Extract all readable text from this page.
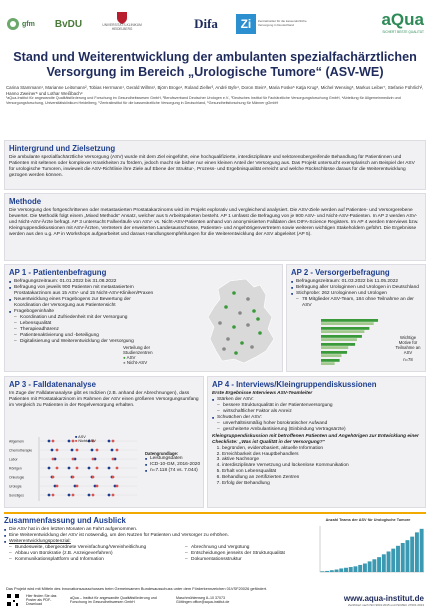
gfm BvDU	UNIVERSITÄTS-KLINIKUM HEIDELBERG	Difa Zi Zentralinstitut für die kassenärztliche Versorgung in Deutschland	aQua
SICHERT BESTE QUALITÄT
Stand und Weiterentwicklung der ambulanten spezialfachärztlichen Versorgung im Bereich „Urologische Tumore“ (ASV-WE)
Carina Stammann¹, Marianne Leitsmann², Tobias Herrmann¹, Gerald Willms¹, Björn Broge¹, Roland Zieller³, André Byfe⁴, Doron Stein⁵, Maria Foske⁵ Katja Krug⁶, Michel Wensing⁶, Markus Leiber⁷, Stefanie Führlich², Hanno Zweiner⁸ und Lothar Weißbach⁹
¹aQua-Institut für angewandte Qualitätsförderung und Forschung im Gesundheitswesen GmbH, ²Berufsverband Deutscher Urologen e.V., ³Deutsches Institut für Fachärztliche Versorgungsforschung GmbH, ⁴Abteilung für Allgemeinmedizin und Versorgungsforschung, Universitätsklinikum Heidelberg, ⁵Zentralinstitut für die kassenärztliche Versorgung in Deutschland, ⁶Gesundheitsforschung für Männer gGmbH
Hintergrund und Zielsetzung

Die ambulante spezialfachärztliche Versorgung (ASV) wurde mit dem Ziel eingeführt, eine hochqualifizierte, interdisziplinäre und sektorenübergreifende Behandlung für Patientinnen und Patienten mit seltenen oder komplexen Krankheiten zu fördern, jedoch macht sie bisher nur einen kleinen Anteil der Versorgung aus. Das Projekt untersucht exemplarisch am Beispiel der ASV für urologische Tumoren, inwieweit die ASV-Richtlinie ihre Ziele auf Ebene der Struktur-, Prozess- und Ergebnisqualität erreicht und welche Rückschlüsse daraus für die Weiterentwicklung gezogen werden können.

Methode

Die Versorgung des fortgeschrittenen oder metastasierten Prostatakarzinoms wird im Projekt explorativ und vergleichend analysiert. Die ASV-Ziele werden auf Patienten- und Versorgerebene bewertet. Die Methodik folgt einem „Mixed Methods“ Ansatz, welcher aus 5 Arbeitspaketen besteht. AP 1 umfasst die Befragung von je 900 ASV- und Nicht-ASV-Patienten. In AP 2 werden ASV- und Nicht-ASV-Ärzte befragt. AP 3 untersucht Fallverläufe von ASV- vs. Nicht-ASV-Patienten anhand von anonymisierten Falldaten des DIFA-Science Registers. Im AP 4 werden Interviews bzw. Kleingruppendiskussionen mit ASV-Ärzten, Vertretern der erweiterten Landesausschüsse, Patienten- und Angehörigenvertretern sowie weiteren wichtigen Stakeholdern geführt. Die Ergebnisse werden aus den u.g. AP in Workshops aufgearbeitet und daraus Handlungsempfehlungen für die Weiterentwicklung der ASV abgeleitet (AP 5).

AP 1 - Patientenbefragung
■ Befragungszeitraum: 01.01.2022 bis 31.08.2022
■ Befragung von jeweils 900 Patienten mit metastasiertem Prostatakarzinom aus 15 ASV- und 15 Nicht-ASV-Kliniken/Praxen
■ Neuentwicklung eines Fragebogens zur Bewertung der Koordination der Versorgung aus Patientensicht
■ Fragebogeninhalte
– Koordination und Zufriedenheit mit der Versorgung
– Lebensqualität
– Therapieadhärenz
– Patientenaktivierung und -beteiligung
– Digitalisierung und Weiterentwicklung der Versorgung
Verteilung der Studienzentren
● ASV
● Nicht-ASV
AP 2 - Versorgerbefragung
■ Befragungszeitraum: 01.03.2022 bis 11.05.2022
■ Befragung aller Urologinnen und Urologen in Deutschland
■ Stichprobe: 262 Urologinnen und Urologen
– 78 Mitglieder ASV-Team, 184 ohne Teilnahme an der ASV
Wichtige Motive für Teilnahme an ASV
n=78
AP 3 - Falldatenanalyse

Im Zuge der Falldatenanalyse gibt es Indizien (z.B. anhand der Abrechnungen), dass Patienten mit Prostatakarzinom im Rahmen der ASV einen größeren Versorgungsumfang im Vergleich zu Patienten in der Regelversorgung erhalten.

Allgemein
Chemotherapie
Labor
Röntgen
Onkologie
Urologie
Sonstiges
■ ASV
■ Nicht-ASV
Datengrundlage:
■ Leistungsdaten
■ ICD-10-GM, 2016-2020
■ n=7.118 (74 vs. 7.044)
AP 4 - Interviews/Kleingruppendiskussionen

Erste Ergebnisse Interviews ASV-Teamleiter

■ Stärken der ASV:
– bessere Strukturqualität in der Patientenversorgung
– wirtschaftlicher Faktor als Anreiz
■ Schwächen der ASV:
– unverhältnismäßig hoher bürokratischer Aufwand
– gescheiterte Ambulantisierung (Einbindung Vertragsärzte)

Kleingruppendiskussion mit betroffenen Patienten und Angehörigen zur Entwicklung einer Checkliste: „Was ist Qualität in der Versorgung?“

1. begründen, evidenzbasiert, aktuelle Information
2. Erreichbarkeit des Hauptbehandlers
3. aktive Nachsorge
4. interdisziplinäre Vernetzung und lückenlose Kommunikation
5. Erhalt von Lebensqualität
6. Behandlung an zertifizierten Zentren
7. Erfolg der Behandlung
Zusammenfassung und Ausblick
■ Die ASV hat in den letzten Monaten an Fahrt aufgenommen.
■ Eine Weiterentwicklung der ASV ist notwendig, um den Nutzen für Patienten und Versorger zu erhöhen.
■ Weiterentwicklungspotenzial:
– Bundesweite, übergeordnete Vereinfachung/Vereinheitlichung
– Abbau von Bürokratie (z.B. Anzeigeverfahren)
– Kommunikationsplattform und Information
– Abrechnung und Vergütung
– Entscheidungen jenseits der Strukturqualität
– Dokumentationsstruktur
Anzahl Teams der ASV für Urologische Tumore
Das Projekt wird mit Mitteln des Innovationsausschusses beim Gemeinsamen Bundesausschuss unter dem Förderkennzeichen 01VSF20026 gefördert.
Hier finden Sie das Poster als PDF-Download
aQua – Institut für angewandte Qualitätsförderung und Forschung im Gesundheitswesen GmbH
Maschmühlenweg 8–10 37073 Göttingen office@aqua-institut.de	www.aqua-institut.de
Zertifiziert nach ISO 9001:2015 und ISO/IEC 27001:2013
